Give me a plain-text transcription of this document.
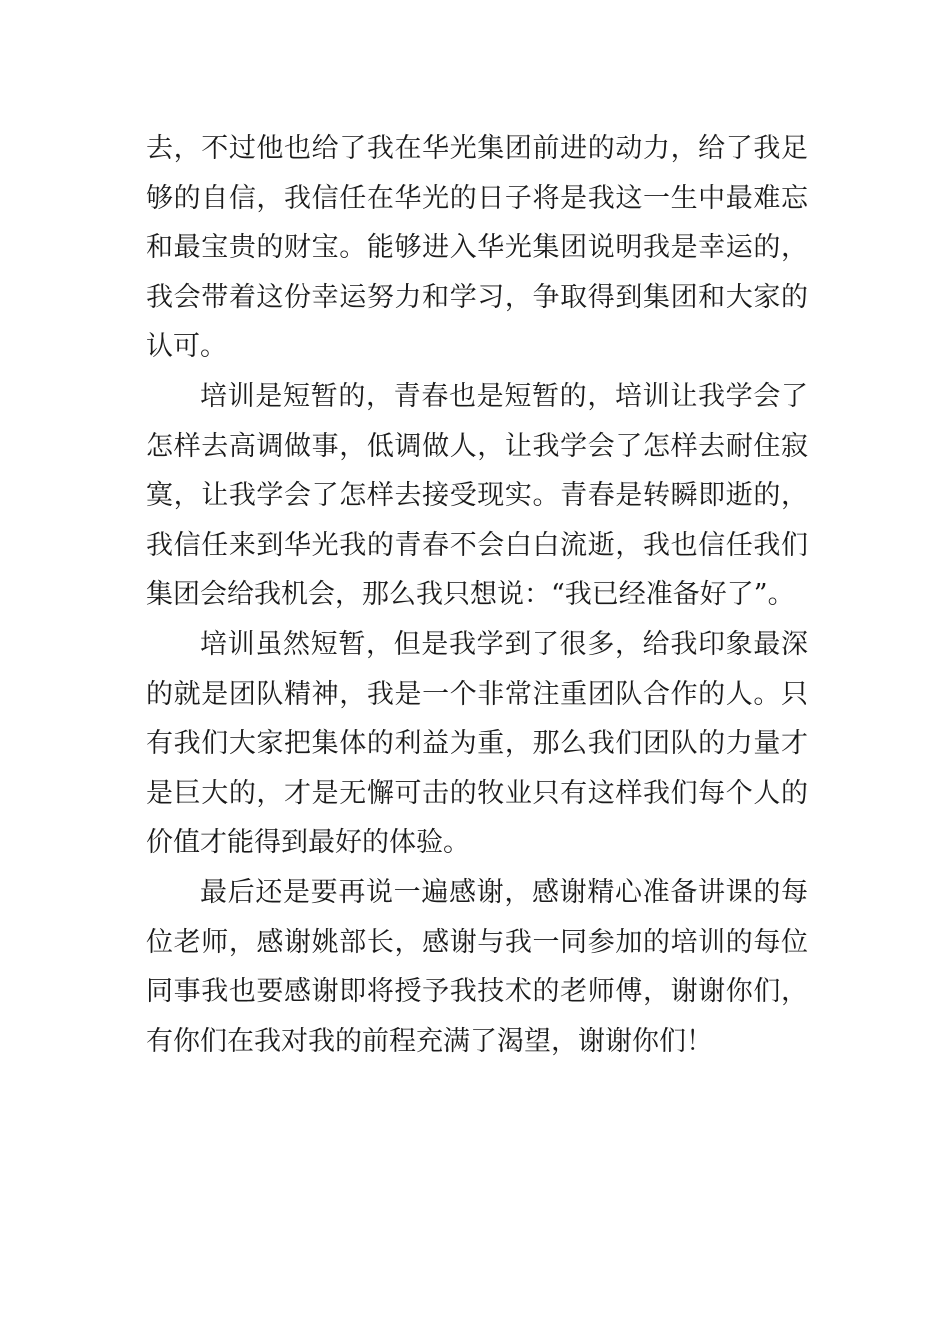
去，不过他也给了我在华光集团前进的动力，给了我足够的自信，我信任在华光的日子将是我这一生中最难忘和最宝贵的财宝。能够进入华光集团说明我是幸运的，我会带着这份幸运努力和学习，争取得到集团和大家的认可。

培训是短暂的，青春也是短暂的，培训让我学会了怎样去高调做事，低调做人，让我学会了怎样去耐住寂寞，让我学会了怎样去接受现实。青春是转瞬即逝的，我信任来到华光我的青春不会白白流逝，我也信任我们集团会给我机会，那么我只想说：“我已经准备好了”。

培训虽然短暂，但是我学到了很多，给我印象最深的就是团队精神，我是一个非常注重团队合作的人。只有我们大家把集体的利益为重，那么我们团队的力量才是巨大的，才是无懈可击的牧业只有这样我们每个人的价值才能得到最好的体验。

最后还是要再说一遍感谢，感谢精心准备讲课的每位老师，感谢姚部长，感谢与我一同参加的培训的每位同事我也要感谢即将授予我技术的老师傅，谢谢你们，有你们在我对我的前程充满了渴望，谢谢你们！
